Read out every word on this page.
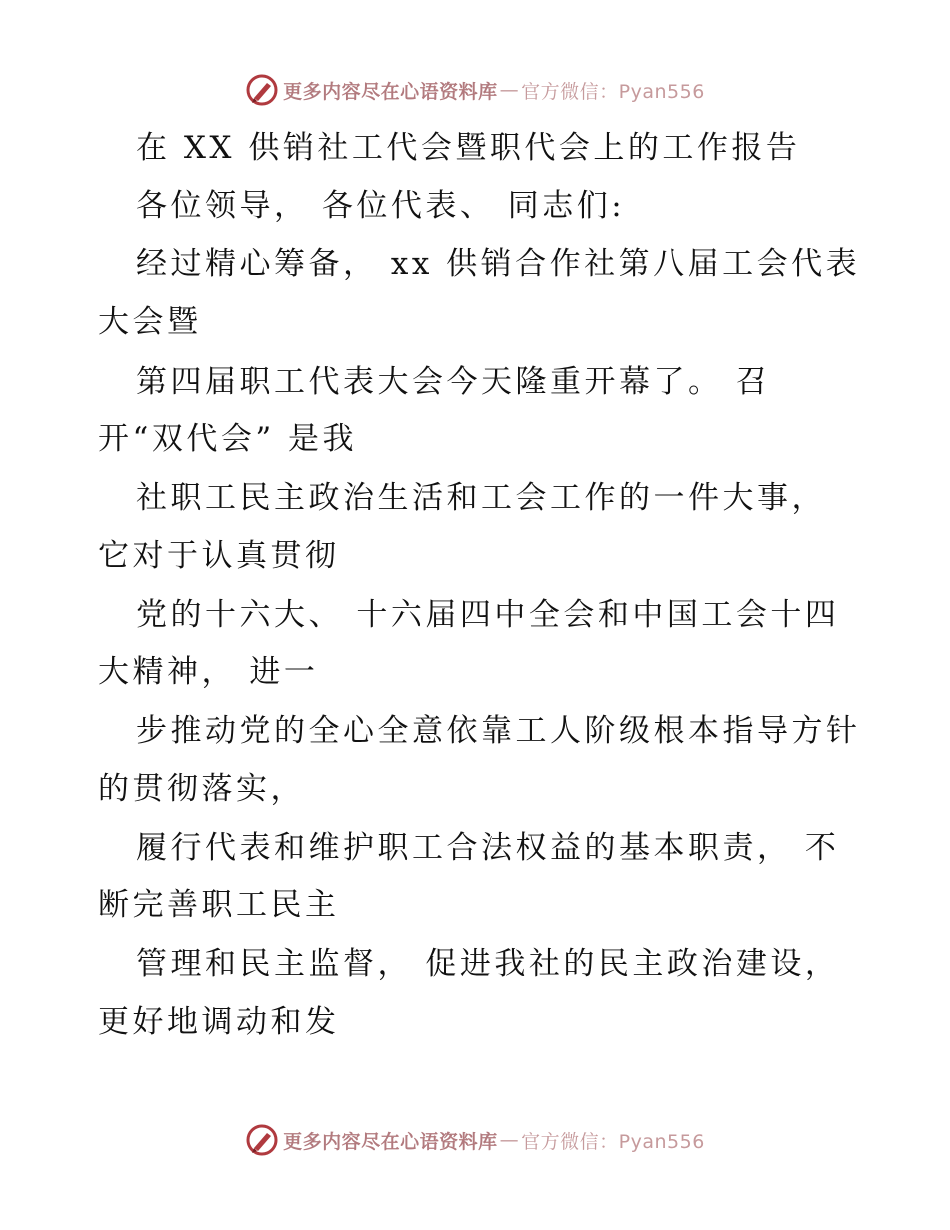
更多内容尽在心语资料库 — 官方微信：Pyan556
在 XX 供销社工代会暨职代会上的工作报告
各位领导， 各位代表、 同志们:
经过精心筹备， xx 供销合作社第八届工会代表
大会暨
第四届职工代表大会今天隆重开幕了。 召
开“双代会” 是我
社职工民主政治生活和工会工作的一件大事，
它对于认真贯彻
党的十六大、 十六届四中全会和中国工会十四
大精神， 进一
步推动党的全心全意依靠工人阶级根本指导方针
的贯彻落实，
履行代表和维护职工合法权益的基本职责， 不
断完善职工民主
管理和民主监督， 促进我社的民主政治建设，
更好地调动和发
更多内容尽在心语资料库 — 官方微信：Pyan556
